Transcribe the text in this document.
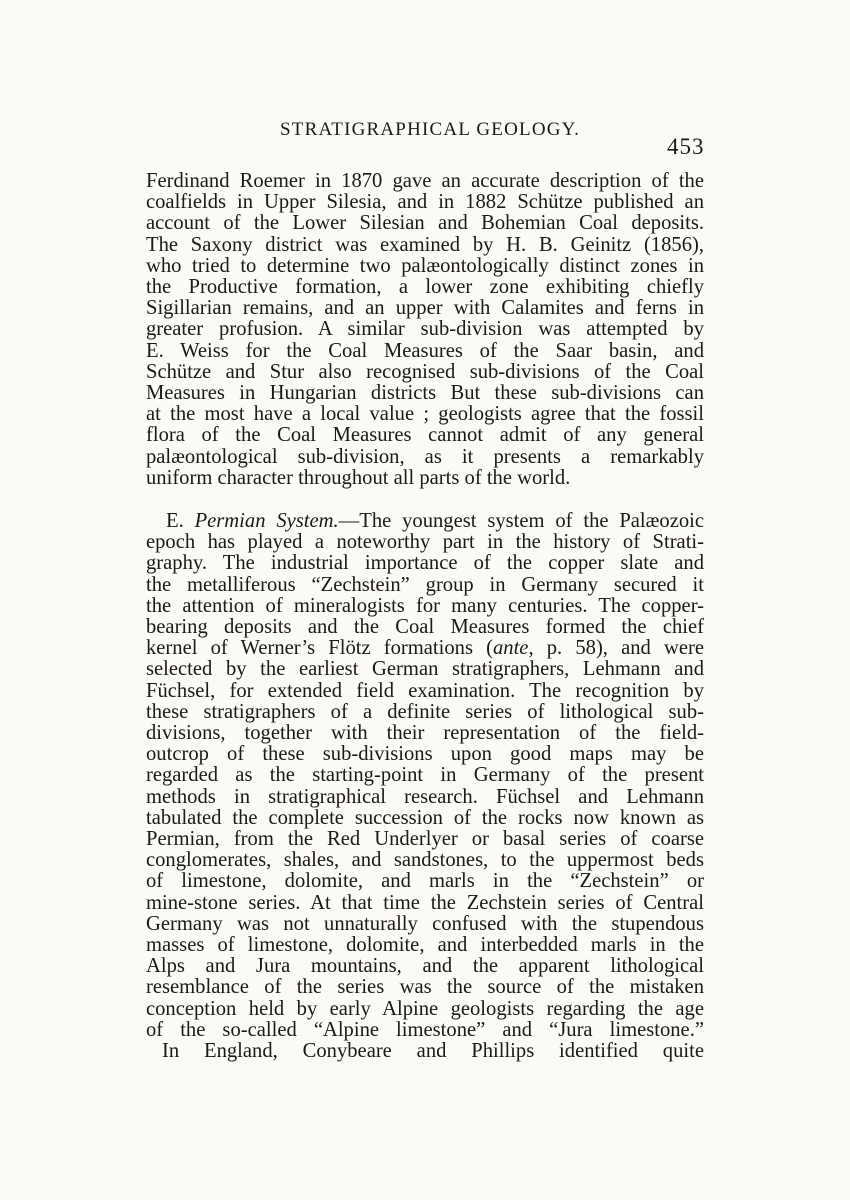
STRATIGRAPHICAL GEOLOGY.
453
Ferdinand Roemer in 1870 gave an accurate description of the
coalfields in Upper Silesia, and in 1882 Schütze published an
account of the Lower Silesian and Bohemian Coal deposits.
The Saxony district was examined by H. B. Geinitz (1856),
who tried to determine two palæontologically distinct zones in
the Productive formation, a lower zone exhibiting chiefly
Sigillarian remains, and an upper with Calamites and ferns in
greater profusion. A similar sub-division was attempted by
E. Weiss for the Coal Measures of the Saar basin, and
Schütze and Stur also recognised sub-divisions of the Coal
Measures in Hungarian districts But these sub-divisions can
at the most have a local value ; geologists agree that the fossil
flora of the Coal Measures cannot admit of any general
palæontological sub-division, as it presents a remarkably
uniform character throughout all parts of the world.
E. Permian System.—The youngest system of the Palæozoic
epoch has played a noteworthy part in the history of Strati-
graphy. The industrial importance of the copper slate and
the metalliferous “Zechstein” group in Germany secured it
the attention of mineralogists for many centuries. The copper-
bearing deposits and the Coal Measures formed the chief
kernel of Werner’s Flötz formations (ante, p. 58), and were
selected by the earliest German stratigraphers, Lehmann and
Füchsel, for extended field examination. The recognition by
these stratigraphers of a definite series of lithological sub-
divisions, together with their representation of the field-
outcrop of these sub-divisions upon good maps may be
regarded as the starting-point in Germany of the present
methods in stratigraphical research. Füchsel and Lehmann
tabulated the complete succession of the rocks now known as
Permian, from the Red Underlyer or basal series of coarse
conglomerates, shales, and sandstones, to the uppermost beds
of limestone, dolomite, and marls in the “Zechstein” or
mine-stone series. At that time the Zechstein series of Central
Germany was not unnaturally confused with the stupendous
masses of limestone, dolomite, and interbedded marls in the
Alps and Jura mountains, and the apparent lithological
resemblance of the series was the source of the mistaken
conception held by early Alpine geologists regarding the age
of the so-called “Alpine limestone” and “Jura limestone.”
In England, Conybeare and Phillips identified quite
